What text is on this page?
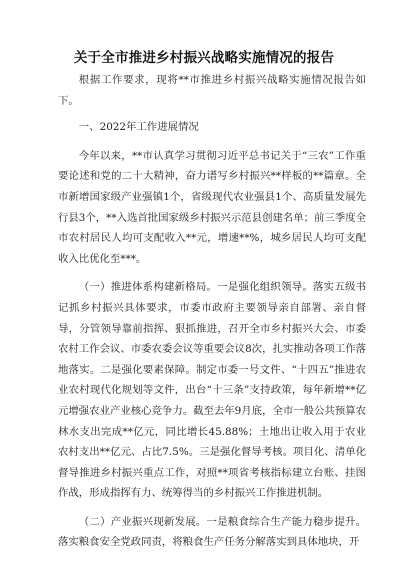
关于全市推进乡村振兴战略实施情况的报告

根据工作要求，现将**市推进乡村振兴战略实施情况报告如下。

一、2022年工作进展情况

今年以来，**市认真学习贯彻习近平总书记关于“三农”工作重要论述和党的二十大精神，奋力谱写乡村振兴**样板的**篇章。全市新增国家级产业强镇1个，省级现代农业强县1个、高质量发展先行县3个，**入选首批国家级乡村振兴示范县创建名单；前三季度全市农村居民人均可支配收入**元，增速**%，城乡居民人均可支配收入比优化至***。

（一）推进体系构建新格局。一是强化组织领导。落实五级书记抓乡村振兴具体要求，市委市政府主要领导亲自部署、亲自督导，分管领导靠前指挥、狠抓推进，召开全市乡村振兴大会、市委农村工作会议、市委农委会议等重要会议8次，扎实推动各项工作落地落实。二是强化要素保障。制定市委一号文件、“十四五”推进农业农村现代化规划等文件，出台“十三条”支持政策，每年新增**亿元增强农业产业核心竞争力。截至去年9月底，全市一般公共预算农林水支出完成**亿元，同比增长45.88%；土地出让收入用于农业农村支出**亿元、占比7.5%。三是强化督导考核。项目化、清单化督导推进乡村振兴重点工作，对照**项省考核指标建立台账、挂图作战，形成指挥有力、统筹得当的乡村振兴工作推进机制。

（二）产业振兴现新发展。一是粮食综合生产能力稳步提升。落实粮食安全党政同责，将粮食生产任务分解落实到具体地块，开
